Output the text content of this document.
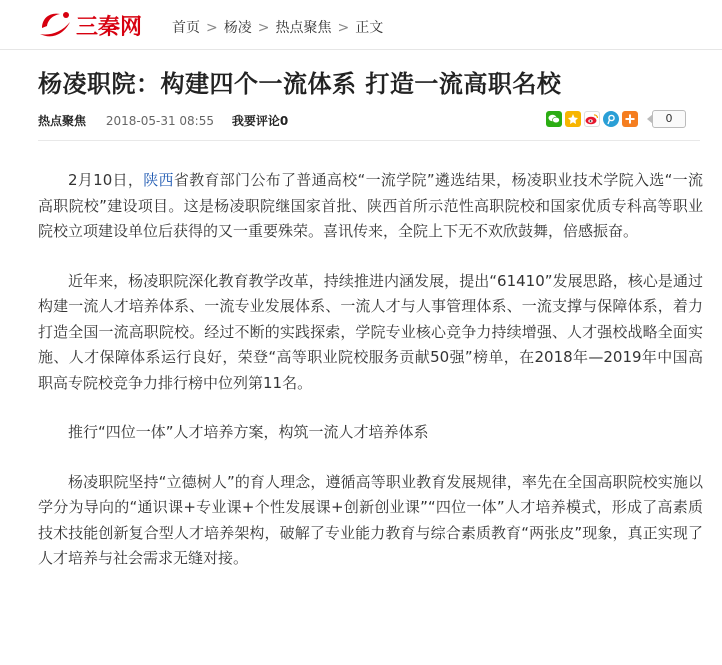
三秦网 首页 > 杨凌 > 热点聚焦 > 正文
杨凌职院：构建四个一流体系 打造一流高职名校
热点聚焦 2018-05-31 08:55 我要评论0	0

2月10日，陕西省教育部门公布了普通高校“一流学院”遴选结果，杨凌职业技术学院入选“一流高职院校”建设项目。这是杨凌职院继国家首批、陕西首所示范性高职院校和国家优质专科高等职业院校立项建设单位后获得的又一重要殊荣。喜讯传来，全院上下无不欢欣鼓舞，倍感振奋。

近年来，杨凌职院深化教育教学改革，持续推进内涵发展，提出“61410”发展思路，核心是通过构建一流人才培养体系、一流专业发展体系、一流人才与人事管理体系、一流支撑与保障体系，着力打造全国一流高职院校。经过不断的实践探索，学院专业核心竞争力持续增强、人才强校战略全面实施、人才保障体系运行良好，荣登“高等职业院校服务贡献50强”榜单，在2018年—2019年中国高职高专院校竞争力排行榜中位列第11名。

推行“四位一体”人才培养方案，构筑一流人才培养体系

杨凌职院坚持“立德树人”的育人理念，遵循高等职业教育发展规律，率先在全国高职院校实施以学分为导向的“通识课+专业课+个性发展课+创新创业课”“四位一体”人才培养模式，形成了高素质技术技能创新复合型人才培养架构，破解了专业能力教育与综合素质教育“两张皮”现象，真正实现了人才培养与社会需求无缝对接。
